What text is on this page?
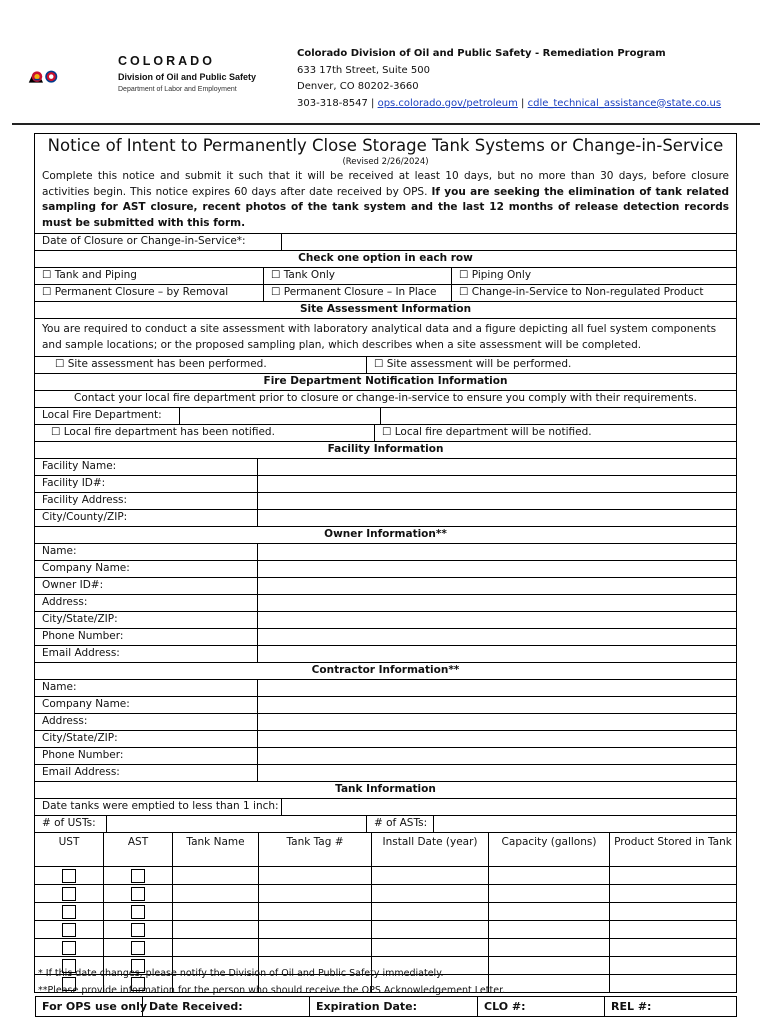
COLORADO
Division of Oil and Public Safety
Department of Labor and Employment
Colorado Division of Oil and Public Safety - Remediation Program
633 17th Street, Suite 500
Denver, CO 80202-3660
303-318-8547 | ops.colorado.gov/petroleum | cdle_technical_assistance@state.co.us
Notice of Intent to Permanently Close Storage Tank Systems or Change-in-Service
(Revised 2/26/2024)
Complete this notice and submit it such that it will be received at least 10 days, but no more than 30 days, before closure activities begin. This notice expires 60 days after date received by OPS. If you are seeking the elimination of tank related sampling for AST closure, recent photos of the tank system and the last 12 months of release detection records must be submitted with this form.
Date of Closure or Change-in-Service*:
Check one option in each row
☐ Tank and Piping	☐ Tank Only	☐ Piping Only
☐ Permanent Closure – by Removal	☐ Permanent Closure – In Place	☐ Change-in-Service to Non-regulated Product
Site Assessment Information
You are required to conduct a site assessment with laboratory analytical data and a figure depicting all fuel system components and sample locations; or the proposed sampling plan, which describes when a site assessment will be completed.
☐ Site assessment has been performed.	☐ Site assessment will be performed.
Fire Department Notification Information
Contact your local fire department prior to closure or change-in-service to ensure you comply with their requirements.
Local Fire Department:
☐ Local fire department has been notified.	☐ Local fire department will be notified.
Facility Information
Facility Name:
Facility ID#:
Facility Address:
City/County/ZIP:
Owner Information**
Name:
Company Name:
Owner ID#:
Address:
City/State/ZIP:
Phone Number:
Email Address:
Contractor Information**
Name:
Company Name:
Address:
City/State/ZIP:
Phone Number:
Email Address:
Tank Information
Date tanks were emptied to less than 1 inch:
# of USTs:	# of ASTs:
UST	AST	Tank Name	Tank Tag #	Install Date (year)	Capacity (gallons)	Product Stored in Tank
* If this date changes, please notify the Division of Oil and Public Safety immediately.
**Please provide information for the person who should receive the OPS Acknowledgement Letter.
For OPS use only Date Received:	Expiration Date:	CLO #:	REL #:
